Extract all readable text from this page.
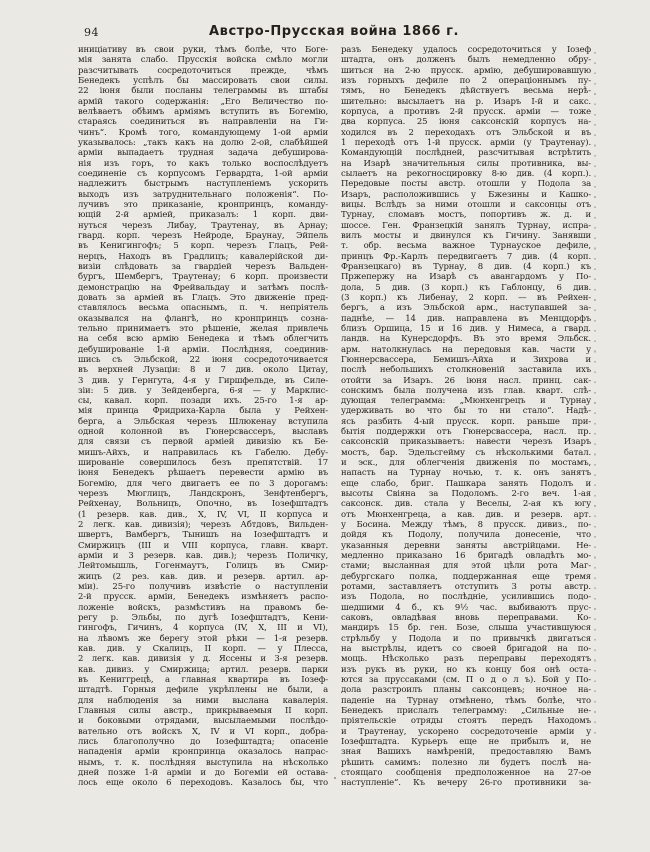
94	Австро-Прусская война 1866 г.
иниціативу въ свои руки, тѣмъ болѣе, что Боге-
мія занята слабо. Прусскія войска смѣло могли
разсчитывать сосредоточиться прежде, чѣмъ
Бенедекъ успѣлъ бы массировать свои силы.
22 іюня были посланы телеграммы въ штабы
армій такого содержанія: „Его Величество по-
велѣваетъ обѣимъ арміямъ вступить въ Богемію,
стараясь соединиться въ направленіи на Ги-
чинъ“. Кромѣ того, командующему 1-ой арміи
указывалось: „такъ какъ на долю 2-ой, слабѣйшей
арміи выпадаетъ трудная задача дебуширова-
нія изъ горъ, то какъ только воспослѣдуетъ
соединеніе съ корпусомъ Гервардта, 1-ой арміи
надлежитъ быстрымъ наступленіемъ ускорить
выходъ изъ затруднительнаго положенія“. По-
лучивъ это приказаніе, кронпринцъ, команду-
ющій 2-й арміей, приказалъ: 1 корп. дви-
нуться черезъ Либау, Траутенау, въ Арнау;
гвард. корп. черезъ Нейроде, Браунау, Эйпель
въ Кенигингофъ; 5 корп. черезъ Глацъ, Рей-
нерцъ, Находъ въ Градлицъ; кавалерійской ди-
визіи слѣдовать за гвардіей черезъ Вальден-
бургъ, Шембергъ, Траутенау; 6 корп. произвести
демонстрацію на Фрейвальдау и затѣмъ послѣ-
довать за арміей въ Глацъ. Это движеніе пред-
ставлялось весьма опаснымъ, п. ч. непріятель
оказывался на флангѣ, но кронпринцъ созна-
тельно принимаетъ это рѣшеніе, желая привлечь
на себя всю армію Бенедека и тѣмъ облегчить
дебушированіе 1-й арміи. Послѣдняя, соединив-
шись съ Эльбской, 22 іюня сосредоточивается
въ верхней Лузаціи: 8 и 7 див. около Цитау,
3 див. у Гернгута, 4-я у Гиршфельде, въ Силе-
зіи: 5 див. у Зейденберга, 6-я — у Марклис-
сы, кавал. корп. позади ихъ. 25-го 1-я ар-
мія принца Фридриха-Карла была у Рейхен-
берга, а Эльбская черезъ Шлюкенау вступила
одной колонной въ Гюнерсвассеръ, выславъ
для связи съ первой арміей дивизію къ Бе-
мишъ-Айхъ, и направилась къ Габелю. Дебу-
шированіе совершилось безъ препятствій. 17
іюня Бенедекъ рѣшаетъ перевести армію въ
Богемію, для чего двигаетъ ее по 3 дорогамъ:
черезъ Мюглицъ, Ландскронъ, Зенфтенбергъ,
Рейхенау, Вольницъ, Опочно, въ Іозефштадтъ
(1 резерв. кав. див., X, IV, VI, II корпуса и
2 легк. кав. дивизія); черезъ Абтдовъ, Вильден-
швертъ, Вамбергъ, Тынишъ на Іозефштадтъ и
Смиржицъ (III и VIII корпуса, главн. кварт.
арміи и 3 резерв. кав. див.); черезъ Поличку,
Лейтомышль, Гогенмаутъ, Голицъ въ Смир-
жицъ (2 рез. кав. див. и резерв. артил. ар-
міи). 25-го получивъ извѣстіе о наступленіи
2-й прусск. арміи, Бенедекъ измѣняетъ распо-
ложеніе войскъ, размѣстивъ на правомъ бе-
регу р. Эльбы, по дугѣ Іозефштадтъ, Кени-
гингофъ, Гичинъ, 4 корпуса (IV, X, III и VI),
на лѣвомъ же берегу этой рѣки — 1-я резерв.
кав. див. у Скалицъ, II корп. — у Плесса,
2 легк. кав. дивизія у д. Яссены и 3-я резерв.
кав. дивиз. у Смиржица; артил. резерв. парки
въ Кениггрецѣ, а главная квартира въ Іозеф-
штадтѣ. Горныя дефиле укрѣплены не были, а
для наблюденія за ними выслана кавалерія.
Главныя силы австр., прикрываемыя II корп.
и боковыми отрядами, высылаемыми послѣдо-
вательно отъ войскъ X, IV и VI корп., добра-
лись благополучно до Іозефштадта; опасеніе
нападенія арміи кронпринца оказалось напрас-
нымъ, т. к. послѣдняя выступила на нѣсколько
дней позже 1-й арміи и до Богеміи ей остава-
лось еще около 6 переходовъ. Казалось бы, что
разъ Бенедеку удалось сосредоточиться у Іозеф
штадта, онъ долженъ былъ немедленно обру-
шиться на 2-ю прусск. армію, дебушировавшую
изъ горныхъ дефиле по 2 операціоннымъ пу-
тямъ, но Бенедекъ дѣйствуетъ весьма нерѣ-
шительно: высылаетъ на р. Изаръ I-й и сакс.
корпуса, а противъ 2-й прусск. арміи — тоже
два корпуса. 25 іюня саксонскій корпусъ на-
ходился въ 2 переходахъ отъ Эльбской и въ
1 переходѣ отъ 1-й прусск. арміи (у Траутенау).
Командующій послѣдней, разсчитывая встрѣтить
на Изарѣ значительныя силы противника, вы-
сылаетъ на рекогносцировку 8-ю див. (4 корп.).
Передовые посты австр. отошли у Подола за
Изаръ, расположившись у Бжезины и Кашко-
вицы. Вслѣдъ за ними отошли и саксонцы отъ
Турнау, сломавъ мостъ, попортивъ ж. д. и
шоссе. Ген. Франзецкій занялъ Турнау, испра-
вилъ мосты и двинулся къ Гичину. Занявши
т. обр. весьма важное Турнауское дефиле,
принцъ Фр.-Карлъ передвигаетъ 7 див. (4 корп.
Франзецкаго) въ Турнау, 8 див. (4 корп.) къ
Пржепержу на Изарѣ съ авангардомъ у По-
дола, 5 див. (3 корп.) къ Габлонцу, 6 див.
(3 корп.) къ Либенау, 2 корп. — въ Рейхен-
бергъ, а изъ Эльбской арм., наступавшей за-
паднѣе, — 14 див. направлена въ Менцдорфъ
близъ Оршица, 15 и 16 див. у Нимеса, а гвард.
ландв. на Кунерсдорфъ. Въ это время Эльбск.
арм. натолкнулась на передовыя кав. части у
Гюннерсвассера, Бемишъ-Айха и Зихрова и
послѣ небольшихъ столкновеній заставила ихъ
отойти за Изаръ. 26 іюня насл. принц. сак-
сонскимъ была получена изъ глав. кварт. слѣ-
дующая телеграмма: „Мюнхенгрецъ и Турнау
удерживать во что бы то ни стало“. Надѣ-
ясь разбить 4-ый прусск. корп. раньше при-
бытія поддержки отъ Гюнерсвассера, насл. пр.
саксонскій приказываетъ: навести черезъ Изаръ
мостъ, бар. Эдельсгейму съ нѣсколькими батал.
и эск., для облегченія движенія по мостамъ,
напасть на Турнау ночью, т. к. онъ занятъ
еще слабо, бриг. Пашкара занять Подолъ и
высоты Свіяна за Подоломъ. 2-го веч. 1-ая
саксонск. див. стала у Веселы, 2-ая къ югу
отъ Мюнхенгреца, а кав. див. и резерв. арт.
у Босина. Между тѣмъ, 8 прусск. дивиз., по-
дойдя къ Подолу, получила донесеніе, что
указанныя деревни заняты австрійцами. Не-
медленно приказано 16 бригадѣ овладѣть мо-
стами; высланная для этой цѣли рота Маг-
дебургскаго полка, поддержанная еще тремя
ротами, заставляетъ отступить 3 роты австр.
изъ Подола, но послѣдніе, усилившись подо-
шедшими 4 б., къ 9½ час. выбиваютъ прус-
саковъ, овладѣвая вновь переправами. Ко-
мандиръ 15 бр. ген. Бозе, слыша участившуюся
стрѣльбу у Подола и по привычкѣ двигаться
на выстрѣлы, идетъ со своей бригадой на по-
мощь. Нѣсколько разъ переправы переходятъ
изъ рукъ въ руки, но къ концу боя онѣ оста-
ются за пруссаками (см. П о д о л ъ). Бой у По-
дола разстроилъ планы саксонцевъ; ночное на-
паденіе на Турнау отмѣнено, тѣмъ болѣе, что
Бенедекъ прислалъ телеграмму: „Сильные не-
пріятельскіе отряды стоятъ передъ Находомъ
и Траутенау, ускорено сосредоточеніе арміи у
Іозефштадта. Курьеръ еще не прибылъ и, не
зная Вашихъ намѣреній, предоставляю Вамъ
рѣшить самимъ: полезно ли будетъ послѣ на-
стоящаго сообщенія предположенное на 27-ое
наступленіе“. Къ вечеру 26-го противники за-
